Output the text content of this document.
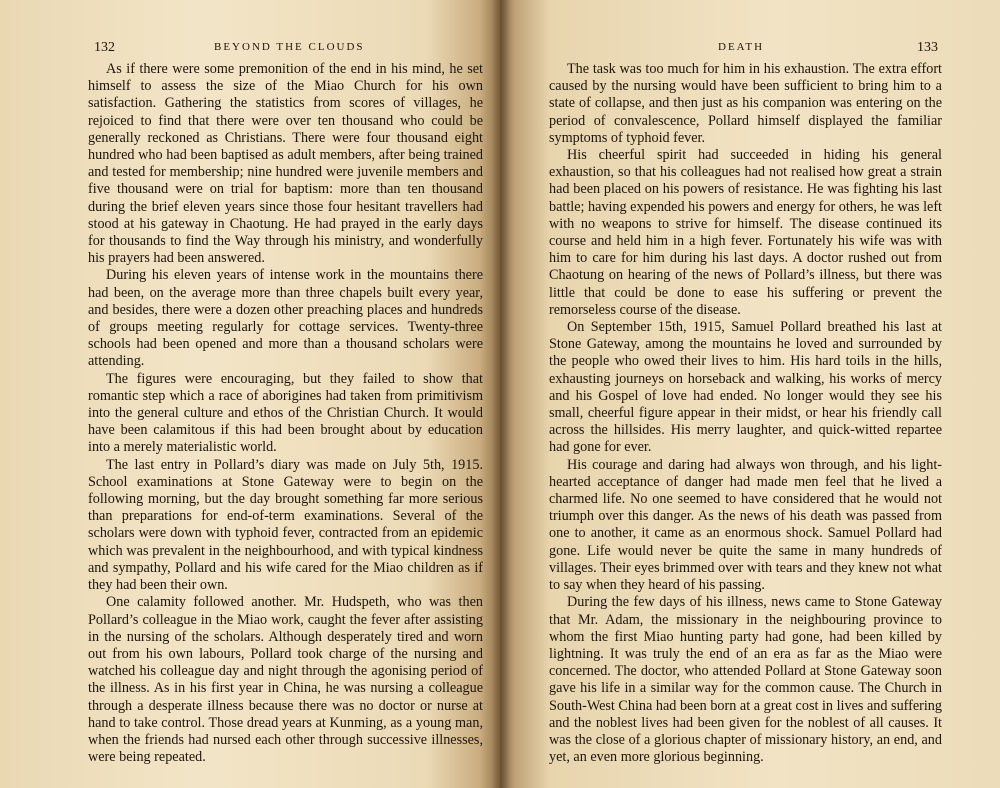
132	BEYOND THE CLOUDS

As if there were some premonition of the end in his mind, he set himself to assess the size of the Miao Church for his own satisfaction. Gathering the statistics from scores of villages, he rejoiced to find that there were over ten thousand who could be generally reckoned as Christians. There were four thousand eight hundred who had been baptised as adult members, after being trained and tested for membership; nine hundred were juvenile members and five thousand were on trial for baptism: more than ten thousand during the brief eleven years since those four hesitant travellers had stood at his gateway in Chaotung. He had prayed in the early days for thousands to find the Way through his ministry, and wonderfully his prayers had been answered.

During his eleven years of intense work in the mountains there had been, on the average more than three chapels built every year, and besides, there were a dozen other preaching places and hundreds of groups meeting regularly for cottage services. Twenty-three schools had been opened and more than a thousand scholars were attending.

The figures were encouraging, but they failed to show that romantic step which a race of aborigines had taken from primitivism into the general culture and ethos of the Christian Church. It would have been calamitous if this had been brought about by education into a merely materialistic world.

The last entry in Pollard’s diary was made on July 5th, 1915. School examinations at Stone Gateway were to begin on the following morning, but the day brought something far more serious than preparations for end-of-term examinations. Several of the scholars were down with typhoid fever, contracted from an epidemic which was prevalent in the neighbourhood, and with typical kindness and sympathy, Pollard and his wife cared for the Miao children as if they had been their own.

One calamity followed another. Mr. Hudspeth, who was then Pollard’s colleague in the Miao work, caught the fever after assisting in the nursing of the scholars. Although desperately tired and worn out from his own labours, Pollard took charge of the nursing and watched his colleague day and night through the agonising period of the illness. As in his first year in China, he was nursing a colleague through a desperate illness because there was no doctor or nurse at hand to take control. Those dread years at Kunming, as a young man, when the friends had nursed each other through successive illnesses, were being repeated.

DEATH	133

The task was too much for him in his exhaustion. The extra effort caused by the nursing would have been sufficient to bring him to a state of collapse, and then just as his companion was entering on the period of convalescence, Pollard himself displayed the familiar symptoms of typhoid fever.

His cheerful spirit had succeeded in hiding his general exhaustion, so that his colleagues had not realised how great a strain had been placed on his powers of resistance. He was fighting his last battle; having expended his powers and energy for others, he was left with no weapons to strive for himself. The disease continued its course and held him in a high fever. Fortunately his wife was with him to care for him during his last days. A doctor rushed out from Chaotung on hearing of the news of Pollard’s illness, but there was little that could be done to ease his suffering or prevent the remorseless course of the disease.

On September 15th, 1915, Samuel Pollard breathed his last at Stone Gateway, among the mountains he loved and surrounded by the people who owed their lives to him. His hard toils in the hills, exhausting journeys on horseback and walking, his works of mercy and his Gospel of love had ended. No longer would they see his small, cheerful figure appear in their midst, or hear his friendly call across the hillsides. His merry laughter, and quick-witted repartee had gone for ever.

His courage and daring had always won through, and his light-hearted acceptance of danger had made men feel that he lived a charmed life. No one seemed to have considered that he would not triumph over this danger. As the news of his death was passed from one to another, it came as an enormous shock. Samuel Pollard had gone. Life would never be quite the same in many hundreds of villages. Their eyes brimmed over with tears and they knew not what to say when they heard of his passing.

During the few days of his illness, news came to Stone Gateway that Mr. Adam, the missionary in the neighbouring province to whom the first Miao hunting party had gone, had been killed by lightning. It was truly the end of an era as far as the Miao were concerned. The doctor, who attended Pollard at Stone Gateway soon gave his life in a similar way for the common cause. The Church in South-West China had been born at a great cost in lives and suffering and the noblest lives had been given for the noblest of all causes. It was the close of a glorious chapter of missionary history, an end, and yet, an even more glorious beginning.
